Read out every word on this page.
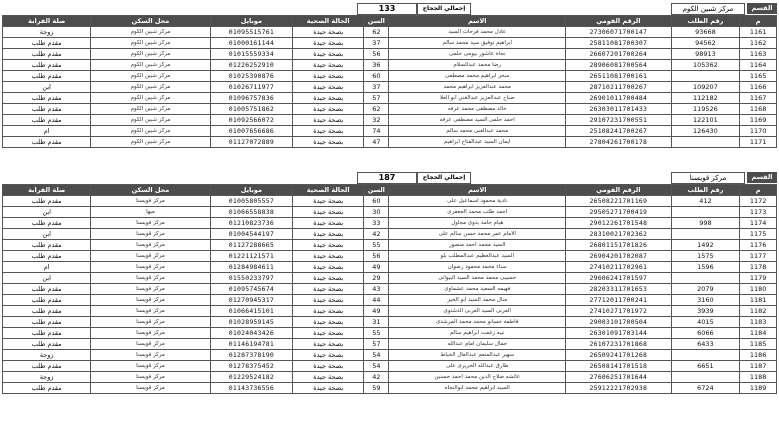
القسم
مركز شبين الكوم
إجمالي الحجاج
133
م	رقم الطلب	الرقم القومي	الاسم	السن	الحالة الصحية	موبايل	محل السكن	صلة القرابة
1161	93668	27306071700147	عادل محمد فرحات السيد	62	بصحة جيدة	01095515761	مركز شبين الكوم	زوجة
1162	94562	25811081700307	ابراهيم توفيق سيد محمد سالم	37	بصحة جيدة	01000161144	مركز شبين الكوم	مقدم طلب
1163	98913	26607201700264	نجاة عاشور بيومى حلمى	56	بصحة جيدة	01015559334	مركز شبين الكوم	مقدم طلب
1164	105362	28906081700564	رضا محمد عبدالسلام	36	بصحة جيدة	01226252910	مركز شبين الكوم	مقدم طلب
1165		26511081700161	سحر ابراهيم محمد مصطفى	60	بصحة جيدة	01025390876	مركز شبين الكوم	مقدم طلب
1166	109207	28710211700267	محمد عبدالعزيز ابراهيم محمد	37	بصحة جيدة	01026711977	مركز شبين الكوم	ابن
1167	112182	26901011700484	صباح عبدالعزيز عبدالغني ابو العلا	57	بصحة جيدة	01096757836	مركز شبين الكوم	مقدم طلب
1168	119526	26303011701433	خالد مصطفى محمد عرفه	62	بصحة جيدة	01005751862	مركز شبين الكوم	مقدم طلب
1169	122101	29107231700551	احمد حلمى السيد مصطفى عرفه	32	بصحة جيدة	01092566072	مركز شبين الكوم	مقدم طلب
1170	126430	25108241700267	محمد عبدالغنى محمد سالم	74	بصحة جيدة	01007656686	مركز شبين الكوم	ام
1171		27804261700178	ايمان السيد عبدالفتاح ابراهيم	47	بصحة جيدة	01127072889	مركز شبين الكوم	مقدم طلب
القسم
مركز قويسنا
إجمالي الحجاج
187
م	رقم الطلب	الرقم القومي	الاسم	السن	الحالة الصحية	موبايل	محل السكن	صلة القرابة
1172	412	26508221701169	نادية محمود اسماعيل على	60	بصحة جيدة	01005805557	مركز قويسنا	مقدم طلب
1173		29505271700419	احمد طلب محمد الجعفرى	30	بصحة جيدة	01066558838	ميها	ابن
1174	998	29012261701548	هيام حامد بدوى مجاول	33	بصحة جيدة	01210823736	مركز قويسنا	مقدم طلب
1175		28310021702362	الامام عمر محمد حسن سالم على	42	بصحة جيدة	01004544197	مركز قويسنا	ابن
1176	1492	26801151701826	السيد محمد احمد منصور	55	بصحة جيدة	01127288665	مركز قويسنا	مقدم طلب
1177	1575	26904201702087	السيد عبدالعظيم عبدالمطلب بلو	56	بصحة جيدة	01221121571	مركز قويسنا	مقدم طلب
1178	1596	27410211702961	سناء محمد محمود رضوان	49	بصحة جيدة	01284984611	مركز قويسنا	ام
1179		29606241701597	حسيبى محمد محمد السيد البيوانى	29	بصحة جيدة	01550233797	مركز قويسنا	ابن
1180	2079	28203311701653	فهيمه السعيد محمد عشماوى	43	بصحة جيدة	01095745674	مركز قويسنا	مقدم طلب
1181	3160	27712011700241	منال محمد السيد ابو الخير	44	بصحة جيدة	01270945317	مركز قويسنا	مقدم طلب
1182	3939	27410271701972	العربى السيد العربى الدشتوى	49	بصحة جيدة	01066415101	مركز قويسنا	مقدم طلب
1183	4015	29003101700504	فاطمه حسانو محمد محمد المرشدى	31	بصحة جيدة	01028959145	مركز قويسنا	مقدم طلب
1184	6066	26301091703144	نبيه زغمت ابراهيم سالم	55	بصحة جيدة	01024043426	مركز قويسنا	مقدم طلب
1185	6433	26107231701868	جمال سليمان امام عبدالله	57	بصحة جيدة	01146194781	مركز قويسنا	مقدم طلب
1186		26509241701268	سهير عبدالمنعم عبدالعال الخياط	54	بصحة جيدة	01287378190	مركز قويسنا	زوجة
1187	6651	26508141701518	طارق عبدالله الحريرى على	54	بصحة جيدة	01278375452	مركز قويسنا	مقدم طلب
1188		27606251701644	عائشه صلاح الدين محمد احمد حسنين	42	بصحة جيدة	01229524182	مركز قويسنا	زوجة
1189	6724	25912221702938	السيد ابراهيم محمد ابوالنجاه	59	بصحة جيدة	01143736556	مركز قويسنا	مقدم طلب
